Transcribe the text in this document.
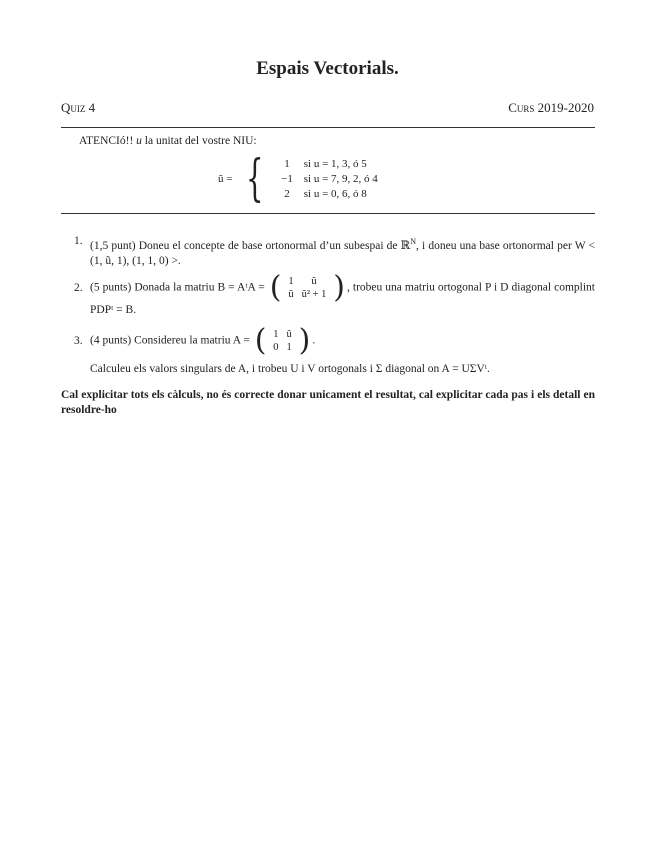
Espais Vectorials.
Quiz 4	Curs 2019-2020
ATENCIó!! u la unitat del vostre NIU:
ũ = {	1 si u = 1, 3, ó 5
−1 si u = 7, 9, 2, ó 4
2 si u = 0, 6, ó 8
1. (1,5 punt) Doneu el concepte de base ortonormal d’un subespai de ℝ$^N$, i doneu una base ortonormal per W < (1, ũ, 1), (1, 1, 0) >.
2. (5 punts) Donada la matriu B = AᵗA = ( 1	ũ
ũ	ũ² + 1 ) , trobeu una matriu ortogonal P i D diagonal complint PDPᵗ = B.
3. (4 punts) Considereu la matriu A = ( 1	ũ
0	1 ) .
Calculeu els valors singulars de A, i trobeu U i V ortogonals i Σ diagonal on A = UΣVᵗ.
Cal explicitar tots els càlculs, no és correcte donar unicament el resultat, cal explicitar cada pas i els detall en resoldre-ho
